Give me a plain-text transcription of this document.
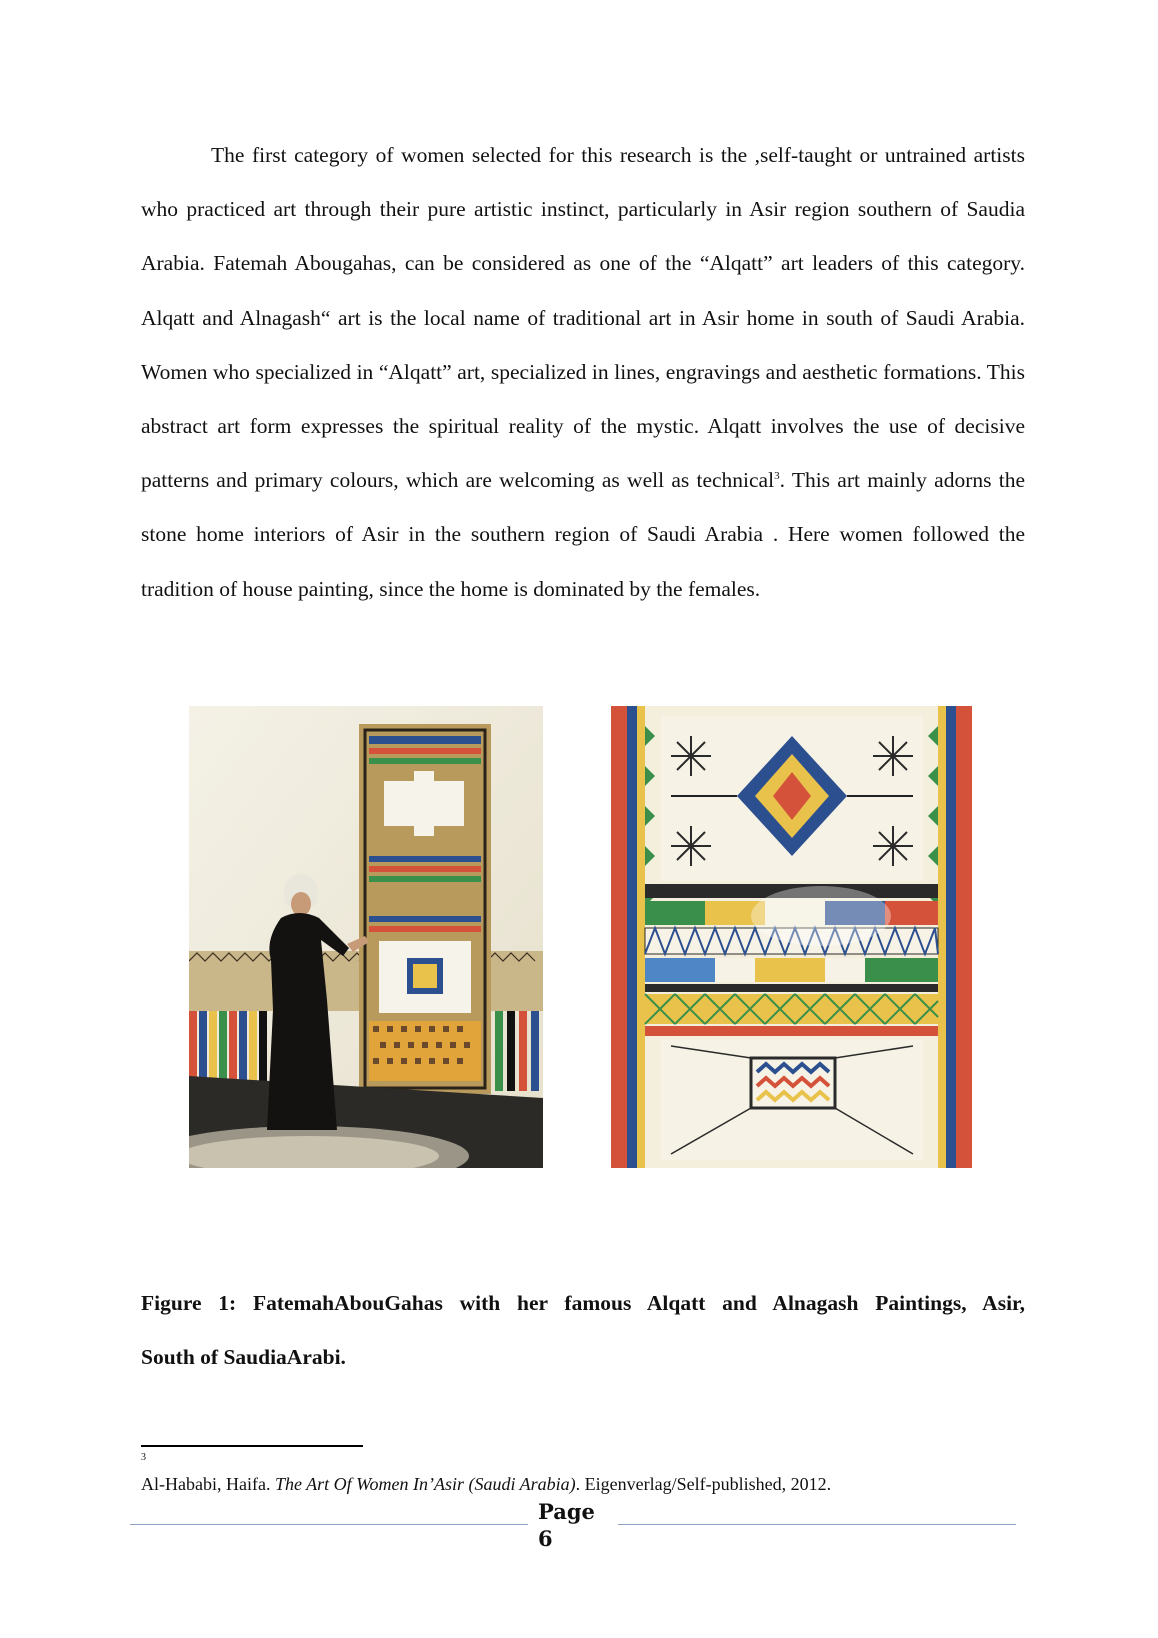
The first category of women selected for this research is the ,self-taught or untrained artists who practiced art through their pure artistic instinct, particularly in Asir region southern of Saudia Arabia. Fatemah Abougahas, can be considered as one of the “Alqatt” art leaders of this category. Alqatt and Alnagash“ art is the local name of traditional art in Asir home in south of Saudi Arabia. Women who specialized in “Alqatt” art, specialized in lines, engravings and aesthetic formations. This abstract art form expresses the spiritual reality of the mystic. Alqatt involves the use of decisive patterns and primary colours, which are welcoming as well as technical$^3$. This art mainly adorns the stone home interiors of Asir in the southern region of Saudi Arabia . Here women followed the tradition of house painting, since the home is dominated by the females.

Figure 1: FatemahAbouGahas with her famous Alqatt and Alnagash Paintings, Asir,
South of SaudiaArabi.

3
Al-Hababi, Haifa. The Art Of Women In’Asir (Saudi Arabia). Eigenverlag/Self-published, 2012.
Page
6
